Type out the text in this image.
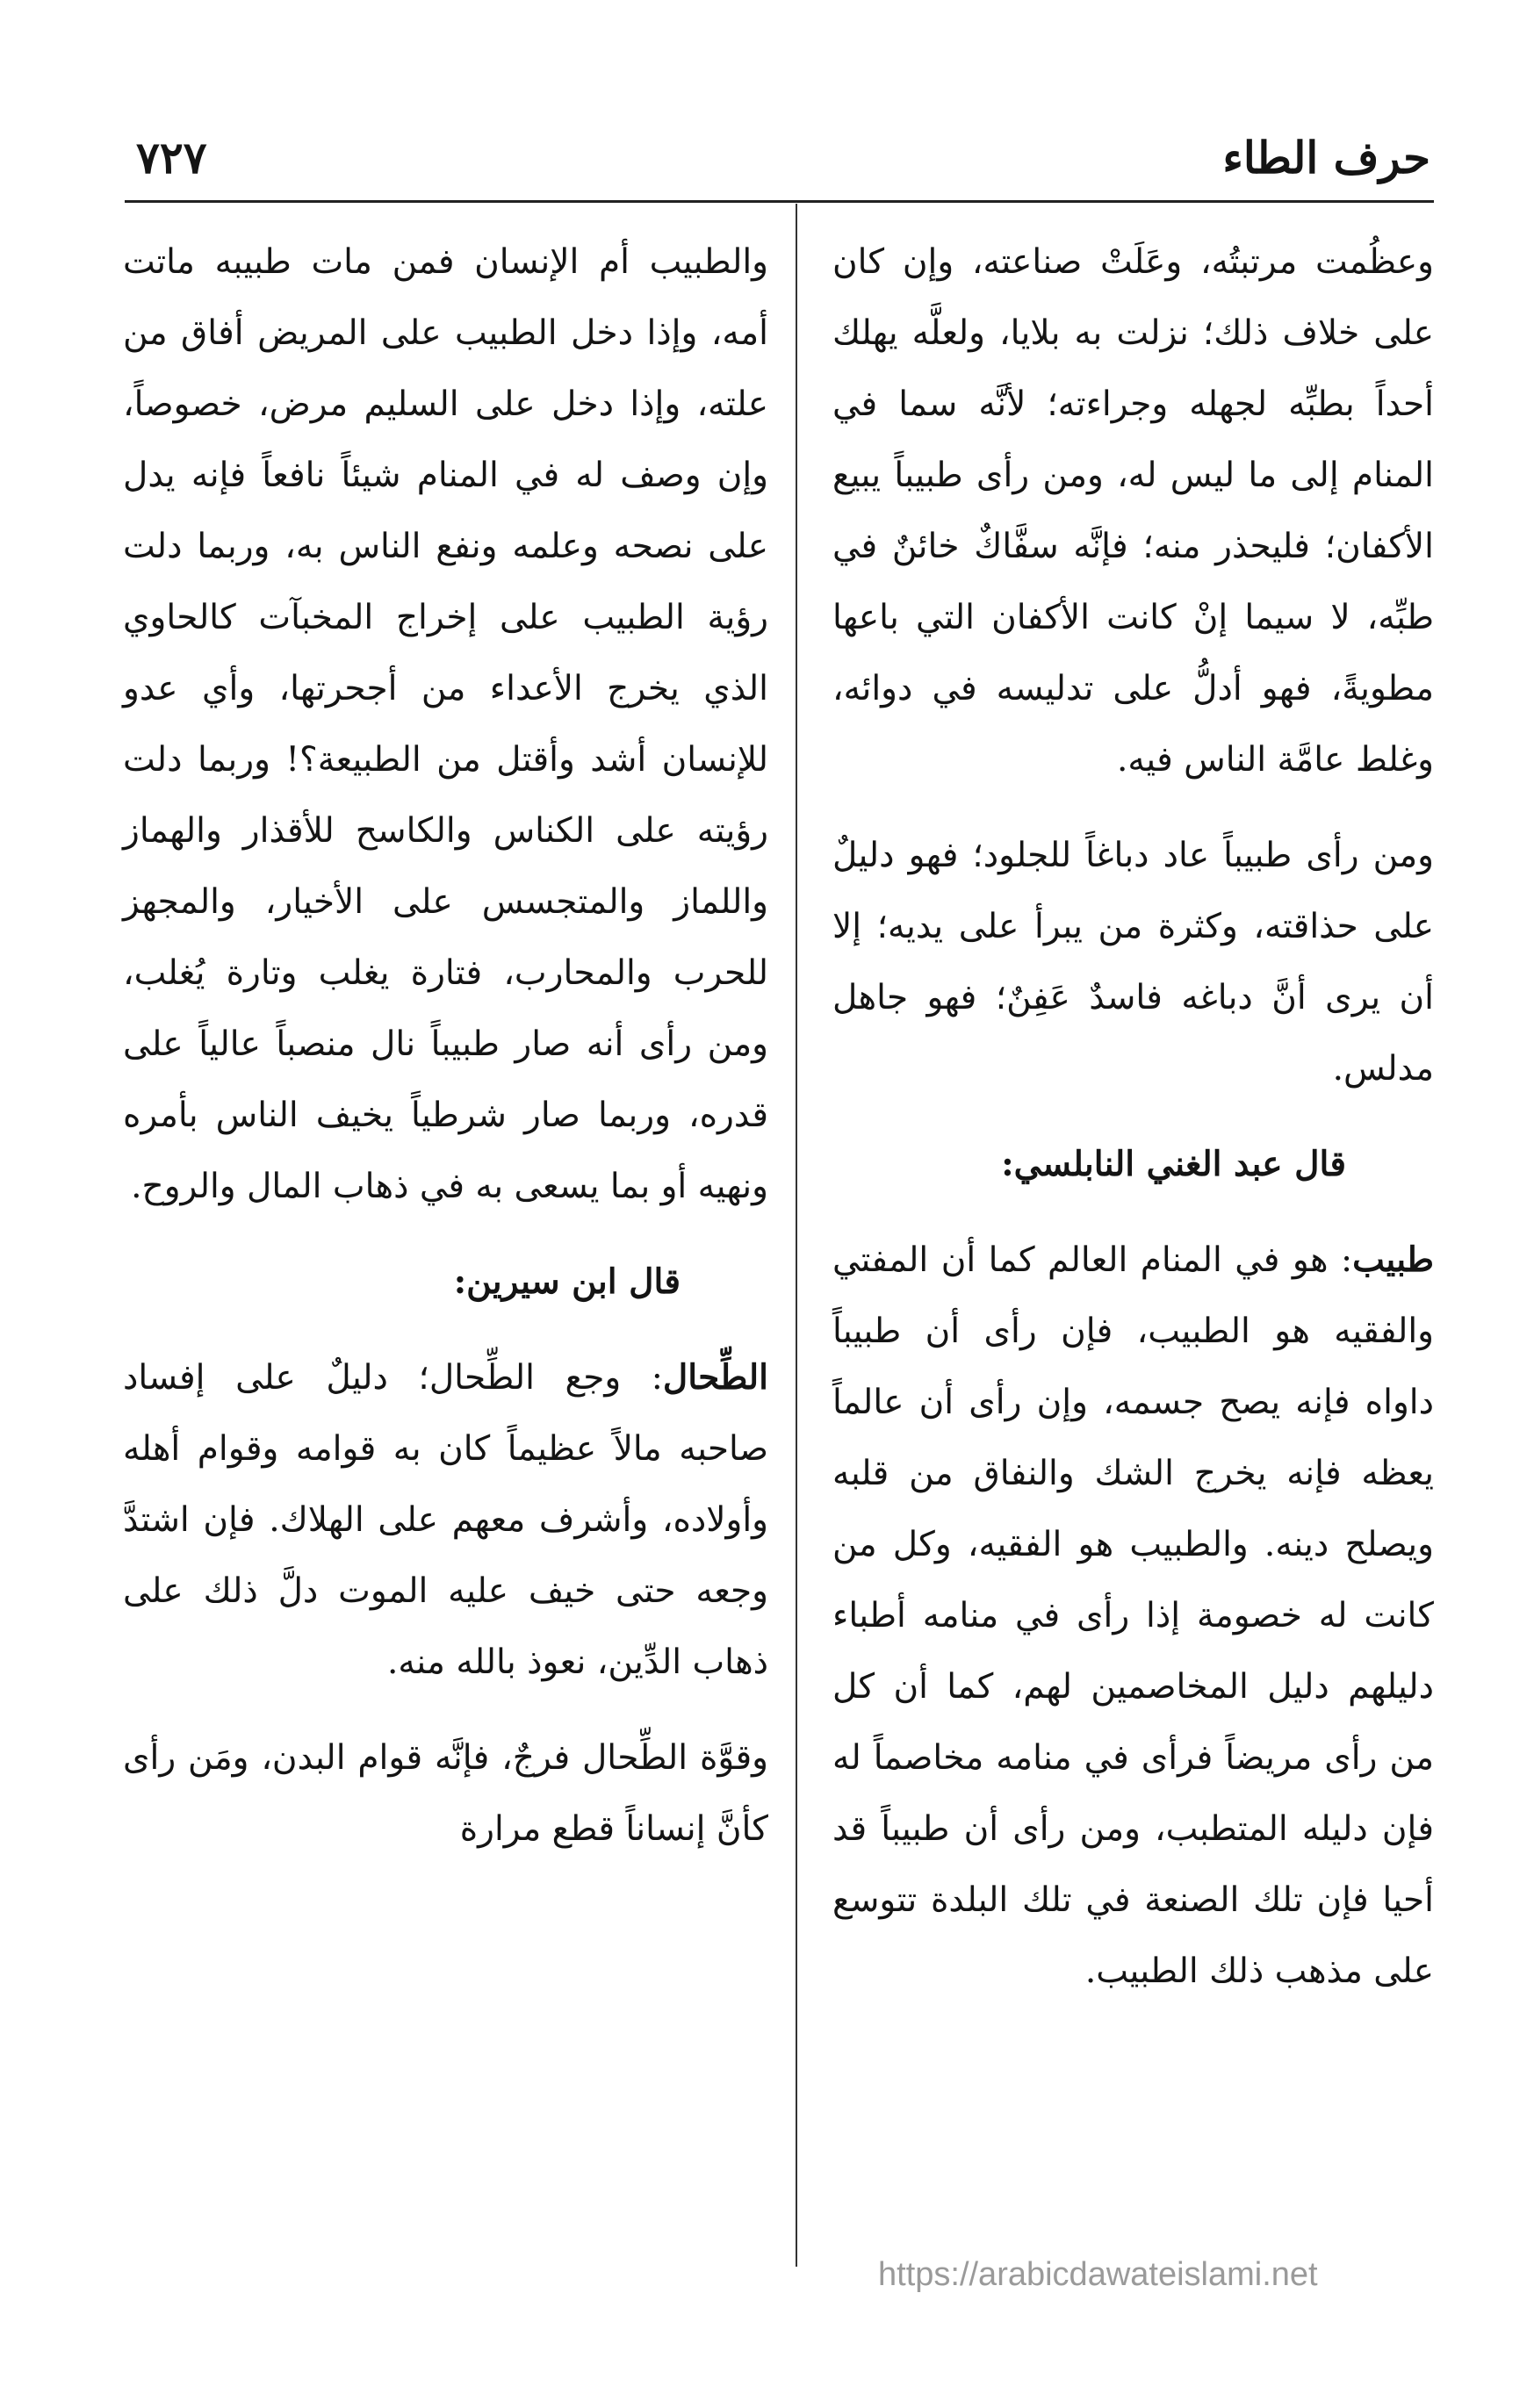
حرف الطاء
٧٢٧

وعظُمت مرتبتُه، وعَلَتْ صناعته، وإن كان على خلاف ذلك؛ نزلت به بلايا، ولعلَّه يهلك أحداً بطبِّه لجهله وجراءته؛ لأنَّه سما في المنام إلى ما ليس له، ومن رأى طبيباً يبيع الأكفان؛ فليحذر منه؛ فإنَّه سفَّاكٌ خائنٌ في طبِّه، لا سيما إنْ كانت الأكفان التي باعها مطويةً، فهو أدلُّ على تدليسه في دوائه، وغلط عامَّة الناس فيه.

ومن رأى طبيباً عاد دباغاً للجلود؛ فهو دليلٌ على حذاقته، وكثرة من يبرأ على يديه؛ إلا أن يرى أنَّ دباغه فاسدٌ عَفِنٌ؛ فهو جاهل مدلس.

قال عبد الغني النابلسي:

طبيب: هو في المنام العالم كما أن المفتي والفقيه هو الطبيب، فإن رأى أن طبيباً داواه فإنه يصح جسمه، وإن رأى أن عالماً يعظه فإنه يخرج الشك والنفاق من قلبه ويصلح دينه. والطبيب هو الفقيه، وكل من كانت له خصومة إذا رأى في منامه أطباء دليلهم دليل المخاصمين لهم، كما أن كل من رأى مريضاً فرأى في منامه مخاصماً له فإن دليله المتطبب، ومن رأى أن طبيباً قد أحيا فإن تلك الصنعة في تلك البلدة تتوسع على مذهب ذلك الطبيب.

والطبيب أم الإنسان فمن مات طبيبه ماتت أمه، وإذا دخل الطبيب على المريض أفاق من علته، وإذا دخل على السليم مرض، خصوصاً، وإن وصف له في المنام شيئاً نافعاً فإنه يدل على نصحه وعلمه ونفع الناس به، وربما دلت رؤية الطبيب على إخراج المخبآت كالحاوي الذي يخرج الأعداء من أجحرتها، وأي عدو للإنسان أشد وأقتل من الطبيعة؟! وربما دلت رؤيته على الكناس والكاسح للأقذار والهماز واللماز والمتجسس على الأخيار، والمجهز للحرب والمحارب، فتارة يغلب وتارة يُغلب، ومن رأى أنه صار طبيباً نال منصباً عالياً على قدره، وربما صار شرطياً يخيف الناس بأمره ونهيه أو بما يسعى به في ذهاب المال والروح.

قال ابن سيرين:

الطِّحال: وجع الطِّحال؛ دليلٌ على إفساد صاحبه مالاً عظيماً كان به قوامه وقوام أهله وأولاده، وأشرف معهم على الهلاك. فإن اشتدَّ وجعه حتى خيف عليه الموت دلَّ ذلك على ذهاب الدِّين، نعوذ بالله منه.

وقوَّة الطِّحال فرجٌ، فإنَّه قوام البدن، ومَن رأى كأنَّ إنساناً قطع مرارة

https://arabicdawateislami.net
